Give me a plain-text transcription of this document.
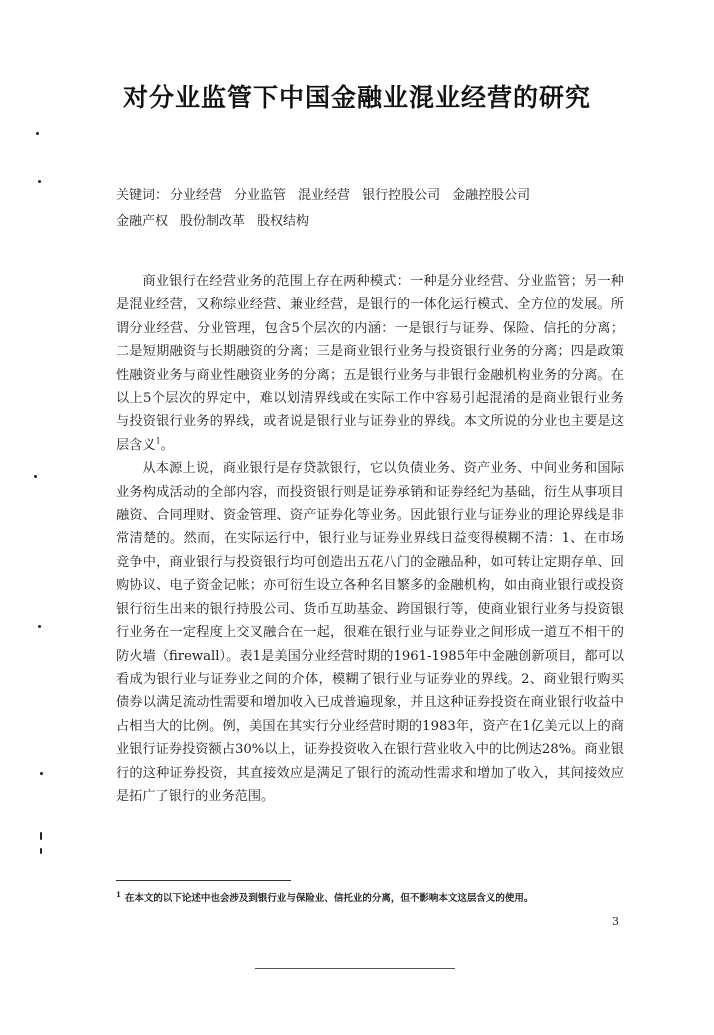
对分业监管下中国金融业混业经营的研究
关键词： 分业经营 分业监管 混业经营 银行控股公司 金融控股公司
金融产权 股份制改革 股权结构

商业银行在经营业务的范围上存在两种模式：一种是分业经营、分业监管；另一种是混业经营，又称综业经营、兼业经营，是银行的一体化运行模式、全方位的发展。所谓分业经营、分业管理，包含5个层次的内涵：一是银行与证券、保险、信托的分离；二是短期融资与长期融资的分离；三是商业银行业务与投资银行业务的分离；四是政策性融资业务与商业性融资业务的分离；五是银行业务与非银行金融机构业务的分离。在以上5个层次的界定中，难以划清界线或在实际工作中容易引起混淆的是商业银行业务与投资银行业务的界线，或者说是银行业与证券业的界线。本文所说的分业也主要是这层含义$^1$。

从本源上说，商业银行是存贷款银行，它以负债业务、资产业务、中间业务和国际业务构成活动的全部内容，而投资银行则是证券承销和证券经纪为基础，衍生从事项目融资、合同理财、资金管理、资产证券化等业务。因此银行业与证券业的理论界线是非常清楚的。然而，在实际运行中，银行业与证券业界线日益变得模糊不清：1、在市场竞争中，商业银行与投资银行均可创造出五花八门的金融品种，如可转让定期存单、回购协议、电子资金记帐；亦可衍生设立各种名目繁多的金融机构，如由商业银行或投资银行衍生出来的银行持股公司、货币互助基金、跨国银行等，使商业银行业务与投资银行业务在一定程度上交叉融合在一起，很难在银行业与证券业之间形成一道互不相干的防火墙（firewall）。表1是美国分业经营时期的1961-1985年中金融创新项目，都可以看成为银行业与证券业之间的介体，模糊了银行业与证券业的界线。2、商业银行购买债券以满足流动性需要和增加收入已成普遍现象，并且这种证券投资在商业银行收益中占相当大的比例。例，美国在其实行分业经营时期的1983年，资产在1亿美元以上的商业银行证券投资额占30%以上，证券投资收入在银行营业收入中的比例达28%。商业银行的这种证券投资，其直接效应是满足了银行的流动性需求和增加了收入，其间接效应是拓广了银行的业务范围。

$^1$ 在本文的以下论述中也会涉及到银行业与保险业、信托业的分离，但不影响本文这层含义的使用。
3
